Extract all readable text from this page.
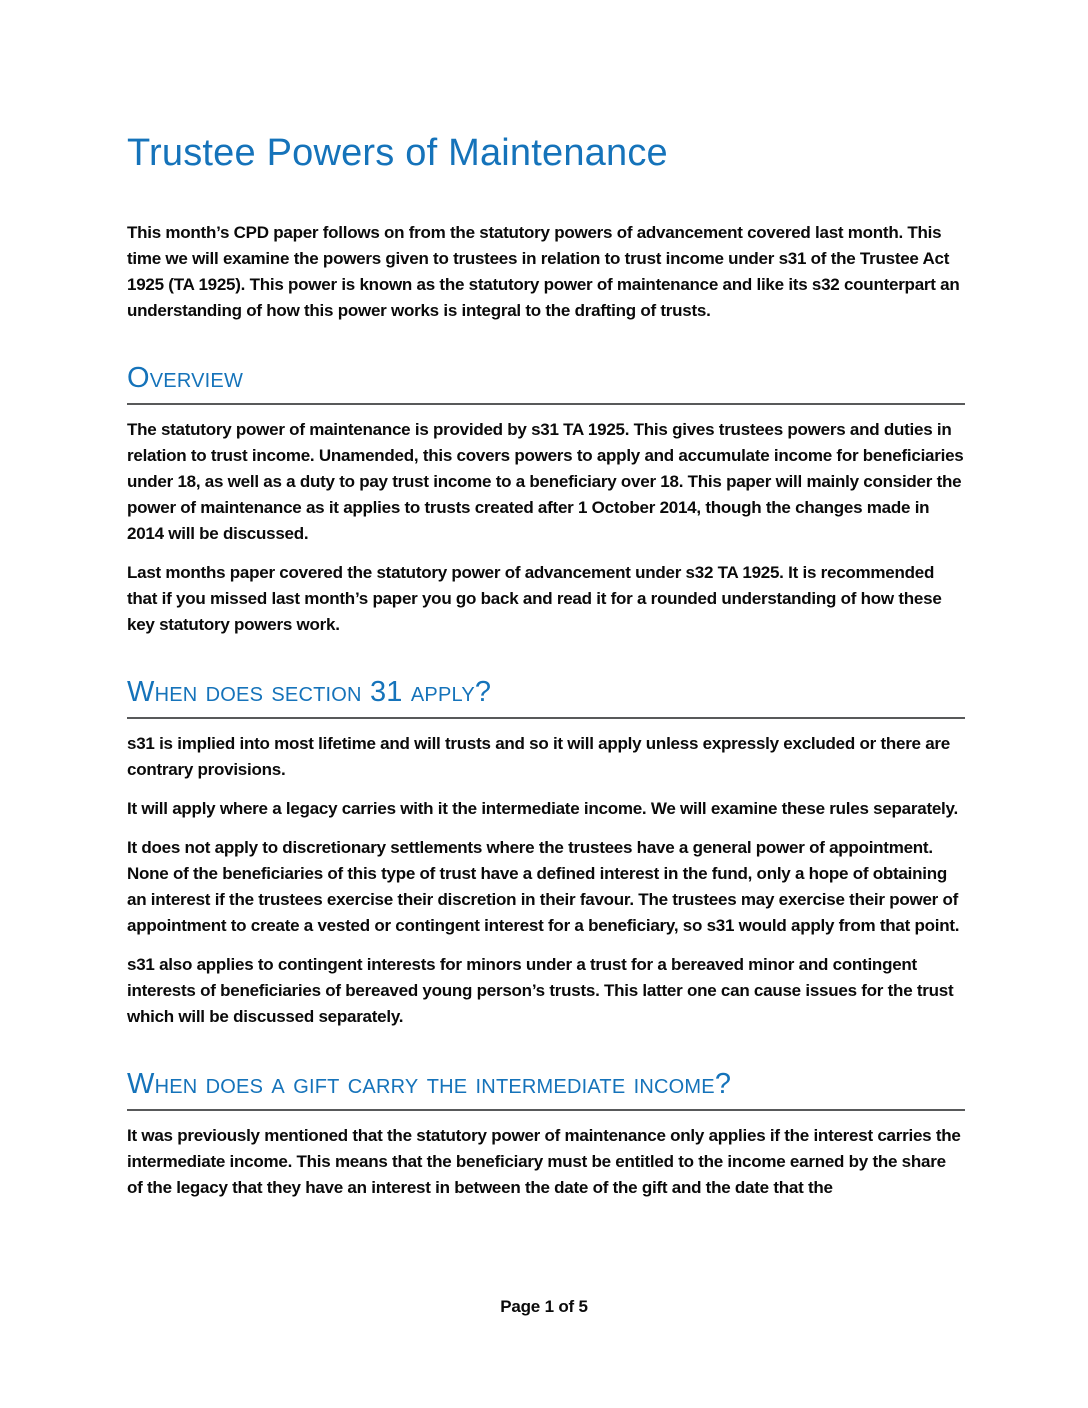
Trustee Powers of Maintenance

This month’s CPD paper follows on from the statutory powers of advancement covered last month. This time we will examine the powers given to trustees in relation to trust income under s31 of the Trustee Act 1925 (TA 1925). This power is known as the statutory power of maintenance and like its s32 counterpart an understanding of how this power works is integral to the drafting of trusts.

Overview

The statutory power of maintenance is provided by s31 TA 1925. This gives trustees powers and duties in relation to trust income. Unamended, this covers powers to apply and accumulate income for beneficiaries under 18, as well as a duty to pay trust income to a beneficiary over 18. This paper will mainly consider the power of maintenance as it applies to trusts created after 1 October 2014, though the changes made in 2014 will be discussed.

Last months paper covered the statutory power of advancement under s32 TA 1925. It is recommended that if you missed last month’s paper you go back and read it for a rounded understanding of how these key statutory powers work.

When does section 31 apply?

s31 is implied into most lifetime and will trusts and so it will apply unless expressly excluded or there are contrary provisions.

It will apply where a legacy carries with it the intermediate income. We will examine these rules separately.

It does not apply to discretionary settlements where the trustees have a general power of appointment. None of the beneficiaries of this type of trust have a defined interest in the fund, only a hope of obtaining an interest if the trustees exercise their discretion in their favour. The trustees may exercise their power of appointment to create a vested or contingent interest for a beneficiary, so s31 would apply from that point.

s31 also applies to contingent interests for minors under a trust for a bereaved minor and contingent interests of beneficiaries of bereaved young person’s trusts. This latter one can cause issues for the trust which will be discussed separately.

When does a gift carry the intermediate income?

It was previously mentioned that the statutory power of maintenance only applies if the interest carries the intermediate income. This means that the beneficiary must be entitled to the income earned by the share of the legacy that they have an interest in between the date of the gift and the date that the

Page 1 of 5
